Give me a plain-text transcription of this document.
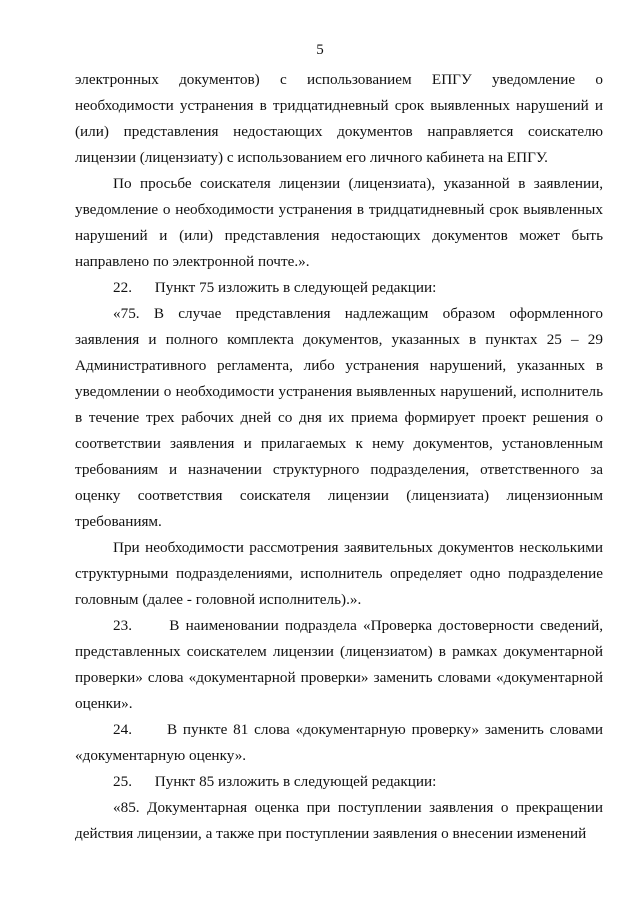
5

электронных документов) с использованием ЕПГУ уведомление о необходимости устранения в тридцатидневный срок выявленных нарушений и (или) представления недостающих документов направляется соискателю лицензии (лицензиату) с использованием его личного кабинета на ЕПГУ.

По просьбе соискателя лицензии (лицензиата), указанной в заявлении, уведомление о необходимости устранения в тридцатидневный срок выявленных нарушений и (или) представления недостающих документов может быть направлено по электронной почте.».

22.      Пункт 75 изложить в следующей редакции:

«75. В случае представления надлежащим образом оформленного заявления и полного комплекта документов, указанных в пунктах 25 – 29 Административного регламента, либо устранения нарушений, указанных в уведомлении о необходимости устранения выявленных нарушений, исполнитель в течение трех рабочих дней со дня их приема формирует проект решения о соответствии заявления и прилагаемых к нему документов, установленным требованиям и назначении структурного подразделения, ответственного за оценку соответствия соискателя лицензии (лицензиата) лицензионным требованиям.

При необходимости рассмотрения заявительных документов несколькими структурными подразделениями, исполнитель определяет одно подразделение головным (далее - головной исполнитель).».

23.      В наименовании подраздела «Проверка достоверности сведений, представленных соискателем лицензии (лицензиатом) в рамках документарной проверки» слова «документарной проверки» заменить словами «документарной оценки».

24.      В пункте 81 слова «документарную проверку» заменить словами «документарную оценку».

25.      Пункт 85 изложить в следующей редакции:

«85. Документарная оценка при поступлении заявления о прекращении действия лицензии, а также при поступлении заявления о внесении изменений
